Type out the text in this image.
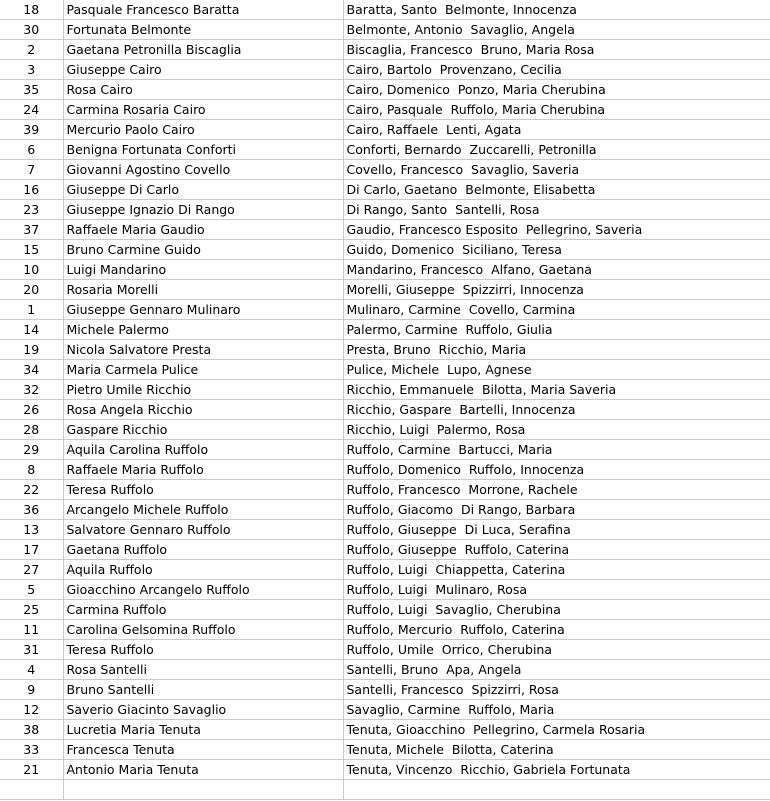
18	Pasquale Francesco Baratta	Baratta, Santo  Belmonte, Innocenza
30	Fortunata Belmonte	Belmonte, Antonio  Savaglio, Angela
2	Gaetana Petronilla Biscaglia	Biscaglia, Francesco  Bruno, Maria Rosa
3	Giuseppe Cairo	Cairo, Bartolo  Provenzano, Cecilia
35	Rosa Cairo	Cairo, Domenico  Ponzo, Maria Cherubina
24	Carmina Rosaria Cairo	Cairo, Pasquale  Ruffolo, Maria Cherubina
39	Mercurio Paolo Cairo	Cairo, Raffaele  Lenti, Agata
6	Benigna Fortunata Conforti	Conforti, Bernardo  Zuccarelli, Petronilla
7	Giovanni Agostino Covello	Covello, Francesco  Savaglio, Saveria
16	Giuseppe Di Carlo	Di Carlo, Gaetano  Belmonte, Elisabetta
23	Giuseppe Ignazio Di Rango	Di Rango, Santo  Santelli, Rosa
37	Raffaele Maria Gaudio	Gaudio, Francesco Esposito  Pellegrino, Saveria
15	Bruno Carmine Guido	Guido, Domenico  Siciliano, Teresa
10	Luigi Mandarino	Mandarino, Francesco  Alfano, Gaetana
20	Rosaria Morelli	Morelli, Giuseppe  Spizzirri, Innocenza
1	Giuseppe Gennaro Mulinaro	Mulinaro, Carmine  Covello, Carmina
14	Michele Palermo	Palermo, Carmine  Ruffolo, Giulia
19	Nicola Salvatore Presta	Presta, Bruno  Ricchio, Maria
34	Maria Carmela Pulice	Pulice, Michele  Lupo, Agnese
32	Pietro Umile Ricchio	Ricchio, Emmanuele  Bilotta, Maria Saveria
26	Rosa Angela Ricchio	Ricchio, Gaspare  Bartelli, Innocenza
28	Gaspare Ricchio	Ricchio, Luigi  Palermo, Rosa
29	Aquila Carolina Ruffolo	Ruffolo, Carmine  Bartucci, Maria
8	Raffaele Maria Ruffolo	Ruffolo, Domenico  Ruffolo, Innocenza
22	Teresa Ruffolo	Ruffolo, Francesco  Morrone, Rachele
36	Arcangelo Michele Ruffolo	Ruffolo, Giacomo  Di Rango, Barbara
13	Salvatore Gennaro Ruffolo	Ruffolo, Giuseppe  Di Luca, Serafina
17	Gaetana Ruffolo	Ruffolo, Giuseppe  Ruffolo, Caterina
27	Aquila Ruffolo	Ruffolo, Luigi  Chiappetta, Caterina
5	Gioacchino Arcangelo Ruffolo	Ruffolo, Luigi  Mulinaro, Rosa
25	Carmina Ruffolo	Ruffolo, Luigi  Savaglio, Cherubina
11	Carolina Gelsomina Ruffolo	Ruffolo, Mercurio  Ruffolo, Caterina
31	Teresa Ruffolo	Ruffolo, Umile  Orrico, Cherubina
4	Rosa Santelli	Santelli, Bruno  Apa, Angela
9	Bruno Santelli	Santelli, Francesco  Spizzirri, Rosa
12	Saverio Giacinto Savaglio	Savaglio, Carmine  Ruffolo, Maria
38	Lucretia Maria Tenuta	Tenuta, Gioacchino  Pellegrino, Carmela Rosaria
33	Francesca Tenuta	Tenuta, Michele  Bilotta, Caterina
21	Antonio Maria Tenuta	Tenuta, Vincenzo  Ricchio, Gabriela Fortunata
